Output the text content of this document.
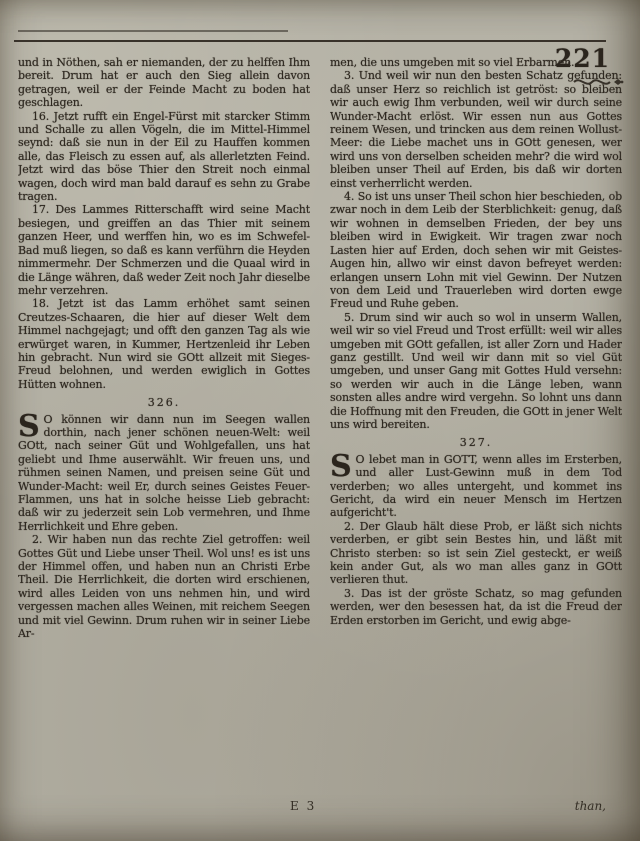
221

und in Nöthen, sah er niemanden, der zu helffen Ihm bereit. Drum hat er auch den Sieg allein davon getragen, weil er der Feinde Macht zu boden hat geschlagen.

16. Jetzt rufft ein Engel-Fürst mit starcker Stimm und Schalle zu allen Vögeln, die im Mittel-Himmel seynd: daß sie nun in der Eil zu Hauffen kommen alle, das Fleisch zu essen auf, als allerletzten Feind. Jetzt wird das böse Thier den Streit noch einmal wagen, doch wird man bald darauf es sehn zu Grabe tragen.

17. Des Lammes Ritterschafft wird seine Macht besiegen, und greiffen an das Thier mit seinem ganzen Heer, und werffen hin, wo es im Schwefel-Bad muß liegen, so daß es kann verführn die Heyden nimmermehr. Der Schmerzen und die Quaal wird in die Länge währen, daß weder Zeit noch Jahr dieselbe mehr verzehren.

18. Jetzt ist das Lamm erhöhet samt seinen Creutzes-Schaaren, die hier auf dieser Welt dem Himmel nachgejagt; und offt den ganzen Tag als wie erwürget waren, in Kummer, Hertzenleid ihr Leben hin gebracht. Nun wird sie GOtt allzeit mit Sieges-Freud belohnen, und werden ewiglich in Gottes Hütten wohnen.

326.

S O können wir dann nun im Seegen wallen dorthin, nach jener schönen neuen-Welt: weil GOtt, nach seiner Güt und Wohlgefallen, uns hat geliebt und Ihme auserwählt. Wir freuen uns, und rühmen seinen Namen, und preisen seine Güt und Wunder-Macht: weil Er, durch seines Geistes Feuer-Flammen, uns hat in solche heisse Lieb gebracht: daß wir zu jederzeit sein Lob vermehren, und Ihme Herrlichkeit und Ehre geben.

2. Wir haben nun das rechte Ziel getroffen: weil Gottes Güt und Liebe unser Theil. Wol uns! es ist uns der Himmel offen, und haben nun an Christi Erbe Theil. Die Herrlichkeit, die dorten wird erschienen, wird alles Leiden von uns nehmen hin, und wird vergessen machen alles Weinen, mit reichem Seegen und mit viel Gewinn. Drum ruhen wir in seiner Liebe Ar-

men, die uns umgeben mit so viel Erbarmen.

3. Und weil wir nun den besten Schatz gefunden: daß unser Herz so reichlich ist getröst: so bleiben wir auch ewig Ihm verbunden, weil wir durch seine Wunder-Macht erlöst. Wir essen nun aus Gottes reinem Wesen, und trincken aus dem reinen Wollust-Meer: die Liebe machet uns in GOtt genesen, wer wird uns von derselben scheiden mehr? die wird wol bleiben unser Theil auf Erden, bis daß wir dorten einst verherrlicht werden.

4. So ist uns unser Theil schon hier beschieden, ob zwar noch in dem Leib der Sterblichkeit: genug, daß wir wohnen in demselben Frieden, der bey uns bleiben wird in Ewigkeit. Wir tragen zwar noch Lasten hier auf Erden, doch sehen wir mit Geistes-Augen hin, allwo wir einst davon befreyet werden: erlangen unsern Lohn mit viel Gewinn. Der Nutzen von dem Leid und Trauerleben wird dorten ewge Freud und Ruhe geben.

5. Drum sind wir auch so wol in unserm Wallen, weil wir so viel Freud und Trost erfüllt: weil wir alles umgeben mit GOtt gefallen, ist aller Zorn und Hader ganz gestillt. Und weil wir dann mit so viel Güt umgeben, und unser Gang mit Gottes Huld versehn: so werden wir auch in die Länge leben, wann sonsten alles andre wird vergehn. So lohnt uns dann die Hoffnung mit den Freuden, die GOtt in jener Welt uns wird bereiten.

327.

S O lebet man in GOTT, wenn alles im Ersterben, und aller Lust-Gewinn muß in dem Tod verderben; wo alles untergeht, und kommet ins Gericht, da wird ein neuer Mensch im Hertzen aufgericht't.

2. Der Glaub hält diese Prob, er läßt sich nichts verderben, er gibt sein Bestes hin, und läßt mit Christo sterben: so ist sein Ziel gesteckt, er weiß kein ander Gut, als wo man alles ganz in GOtt verlieren thut.

3. Das ist der gröste Schatz, so mag gefunden werden, wer den besessen hat, da ist die Freud der Erden erstorben im Gericht, und ewig abge-

E 3	than,
